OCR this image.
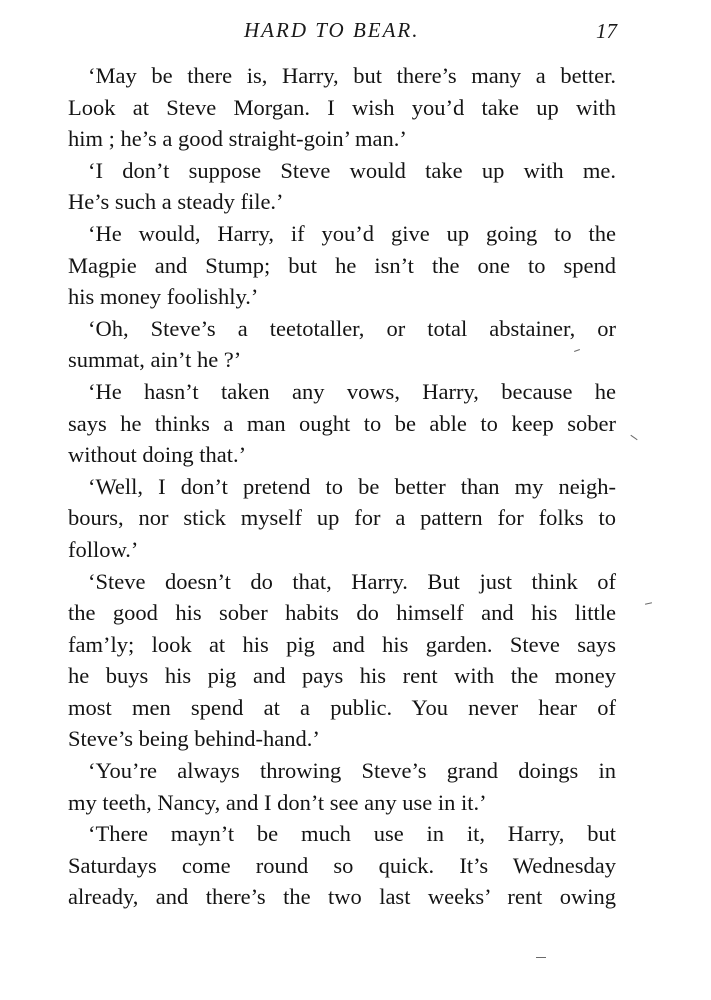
HARD TO BEAR.	17
‘May be there is, Harry, but there’s many a better.
Look at Steve Morgan. I wish you’d take up with
him ; he’s a good straight-goin’ man.’
‘I don’t suppose Steve would take up with me.
He’s such a steady file.’
‘He would, Harry, if you’d give up going to the
Magpie and Stump; but he isn’t the one to spend
his money foolishly.’
‘Oh, Steve’s a teetotaller, or total abstainer, or
summat, ain’t he ?’
‘He hasn’t taken any vows, Harry, because he
says he thinks a man ought to be able to keep sober
without doing that.’
‘Well, I don’t pretend to be better than my neigh-
bours, nor stick myself up for a pattern for folks to
follow.’
‘Steve doesn’t do that, Harry. But just think of
the good his sober habits do himself and his little
fam’ly; look at his pig and his garden. Steve says
he buys his pig and pays his rent with the money
most men spend at a public. You never hear of
Steve’s being behind-hand.’
‘You’re always throwing Steve’s grand doings in
my teeth, Nancy, and I don’t see any use in it.’
‘There mayn’t be much use in it, Harry, but
Saturdays come round so quick. It’s Wednesday
already, and there’s the two last weeks’ rent owing
